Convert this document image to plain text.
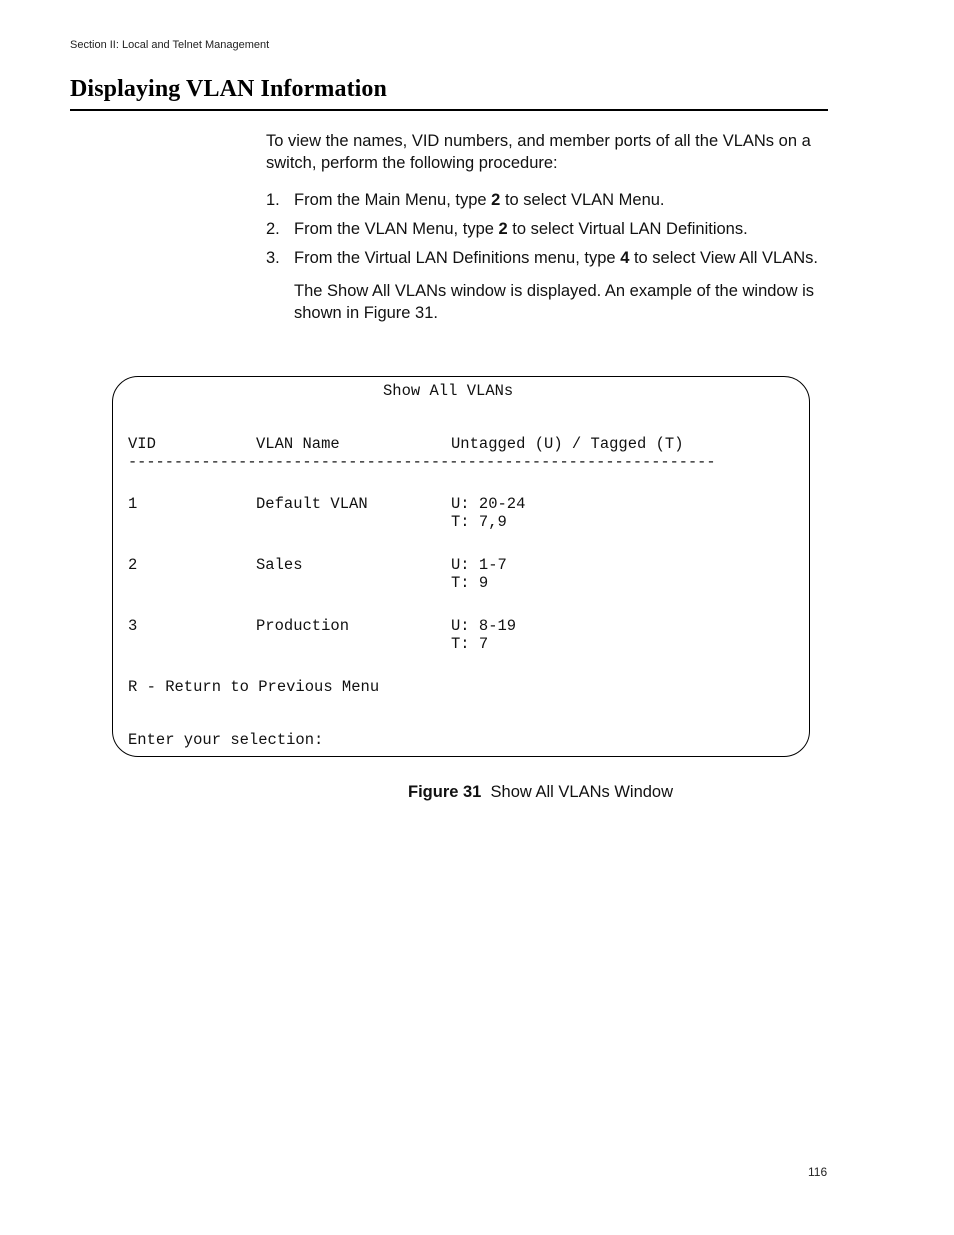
Section II: Local and Telnet Management
Displaying VLAN Information
To view the names, VID numbers, and member ports of all the VLANs on a switch, perform the following procedure:
1. From the Main Menu, type 2 to select VLAN Menu.
2. From the VLAN Menu, type 2 to select Virtual LAN Definitions.
3. From the Virtual LAN Definitions menu, type 4 to select View All VLANs.
The Show All VLANs window is displayed. An example of the window is shown in Figure 31.
Show All VLANs
VID	VLAN Name	Untagged (U) / Tagged (T)
----------------------------------------------------------------
1	Default VLAN	U: 20-24
T: 7,9
2	Sales	U: 1-7
T: 9
3	Production	U: 8-19
T: 7
R - Return to Previous Menu
Enter your selection:
Figure 31 Show All VLANs Window
116
